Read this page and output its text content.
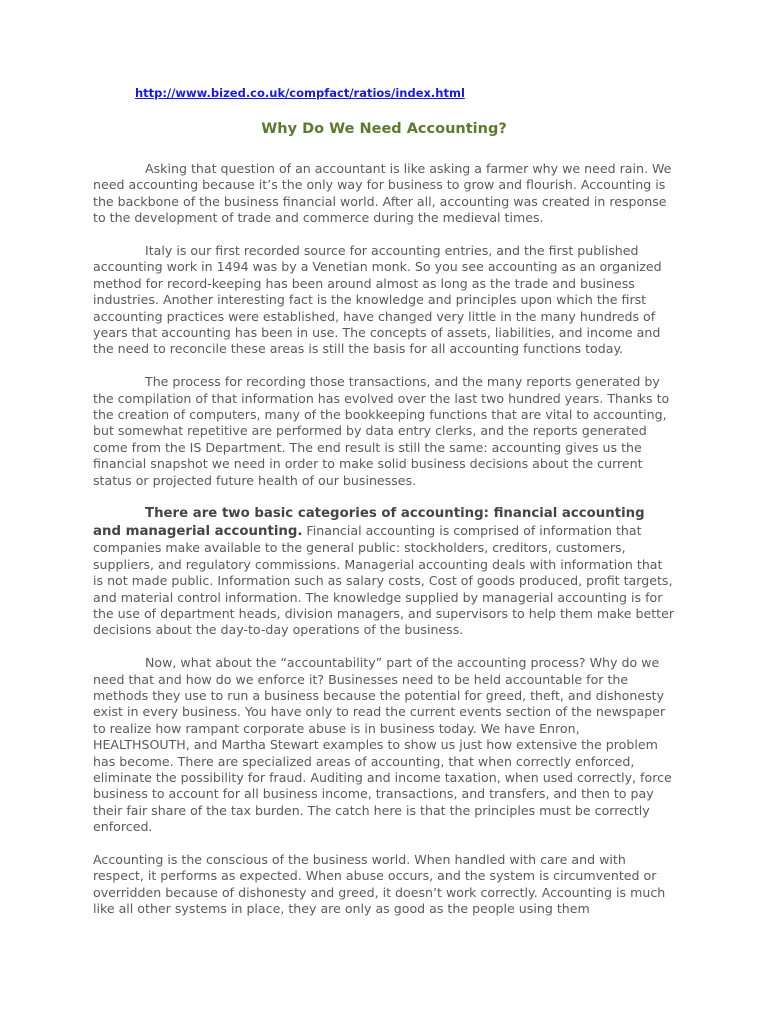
http://www.bized.co.uk/compfact/ratios/index.html
Why Do We Need Accounting?

Asking that question of an accountant is like asking a farmer why we need rain. We need accounting because it’s the only way for business to grow and flourish. Accounting is the backbone of the business financial world. After all, accounting was created in response to the development of trade and commerce during the medieval times.

Italy is our first recorded source for accounting entries, and the first published accounting work in 1494 was by a Venetian monk. So you see accounting as an organized method for record-keeping has been around almost as long as the trade and business industries. Another interesting fact is the knowledge and principles upon which the first accounting practices were established, have changed very little in the many hundreds of years that accounting has been in use. The concepts of assets, liabilities, and income and the need to reconcile these areas is still the basis for all accounting functions today.

The process for recording those transactions, and the many reports generated by the compilation of that information has evolved over the last two hundred years. Thanks to the creation of computers, many of the bookkeeping functions that are vital to accounting, but somewhat repetitive are performed by data entry clerks, and the reports generated come from the IS Department. The end result is still the same: accounting gives us the financial snapshot we need in order to make solid business decisions about the current status or projected future health of our businesses.

There are two basic categories of accounting: financial accounting and managerial accounting. Financial accounting is comprised of information that companies make available to the general public: stockholders, creditors, customers, suppliers, and regulatory commissions. Managerial accounting deals with information that is not made public. Information such as salary costs, Cost of goods produced, profit targets, and material control information. The knowledge supplied by managerial accounting is for the use of department heads, division managers, and supervisors to help them make better decisions about the day-to-day operations of the business.

Now, what about the “accountability” part of the accounting process? Why do we need that and how do we enforce it? Businesses need to be held accountable for the methods they use to run a business because the potential for greed, theft, and dishonesty exist in every business. You have only to read the current events section of the newspaper to realize how rampant corporate abuse is in business today. We have Enron, HEALTHSOUTH, and Martha Stewart examples to show us just how extensive the problem has become. There are specialized areas of accounting, that when correctly enforced, eliminate the possibility for fraud. Auditing and income taxation, when used correctly, force business to account for all business income, transactions, and transfers, and then to pay their fair share of the tax burden. The catch here is that the principles must be correctly enforced.

Accounting is the conscious of the business world. When handled with care and with respect, it performs as expected. When abuse occurs, and the system is circumvented or overridden because of dishonesty and greed, it doesn’t work correctly. Accounting is much like all other systems in place, they are only as good as the people using them
